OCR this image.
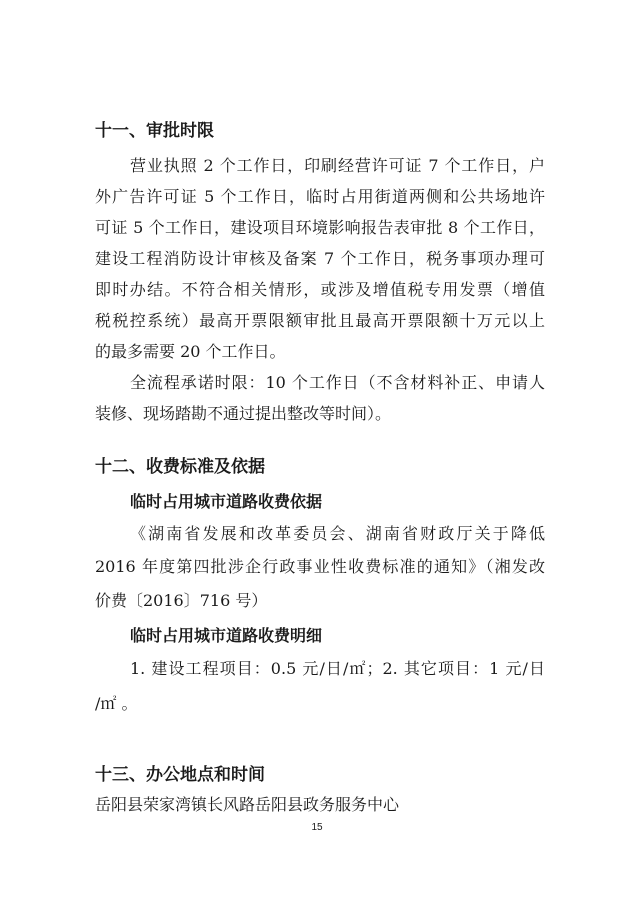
十一、审批时限
营业执照 2 个工作日，印刷经营许可证 7 个工作日，户
外广告许可证 5 个工作日，临时占用街道两侧和公共场地许
可证 5 个工作日，建设项目环境影响报告表审批 8 个工作日，
建设工程消防设计审核及备案 7 个工作日，税务事项办理可
即时办结。不符合相关情形，或涉及增值税专用发票（增值
税税控系统）最高开票限额审批且最高开票限额十万元以上
的最多需要 20 个工作日。
全流程承诺时限：10 个工作日（不含材料补正、申请人
装修、现场踏勘不通过提出整改等时间）。
十二、收费标准及依据
临时占用城市道路收费依据
《湖南省发展和改革委员会、湖南省财政厅关于降低
2016 年度第四批涉企行政事业性收费标准的通知》（湘发改
价费〔2016〕716 号）
临时占用城市道路收费明细
1. 建设工程项目：0.5 元/日/㎡；2. 其它项目：1 元/日
/㎡ 。
十三、办公地点和时间
岳阳县荣家湾镇长风路岳阳县政务服务中心
15
